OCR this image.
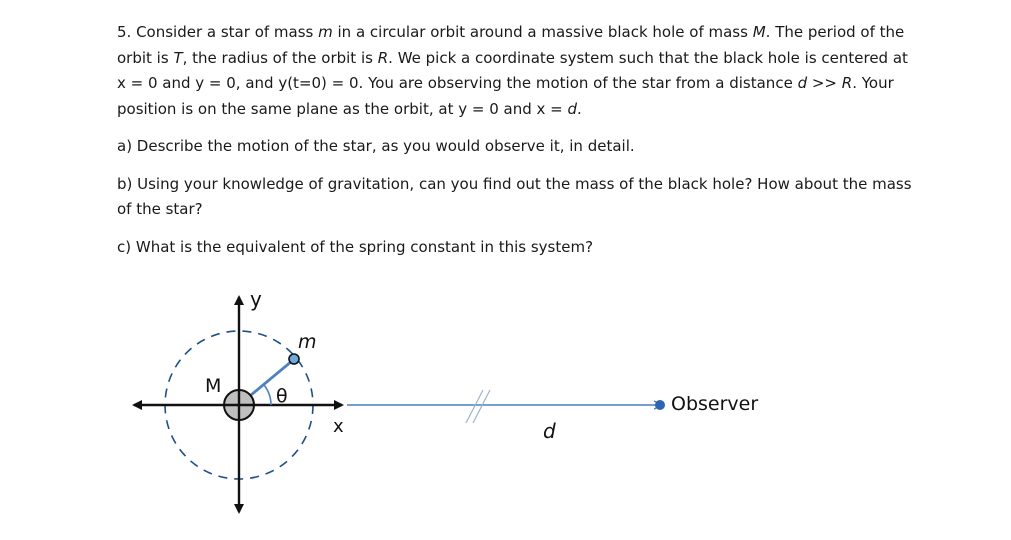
5. Consider a star of mass m in a circular orbit around a massive black hole of mass M. The period of the orbit is T, the radius of the orbit is R. We pick a coordinate system such that the black hole is centered at x = 0 and y = 0, and y(t=0) = 0. You are observing the motion of the star from a distance d >> R. Your position is on the same plane as the orbit, at y = 0 and x = d.

a) Describe the motion of the star, as you would observe it, in detail.

b) Using your knowledge of gravitation, can you find out the mass of the black hole? How about the mass of the star?

c) What is the equivalent of the spring constant in this system?

y
x
m
M	θ
d
Observer
